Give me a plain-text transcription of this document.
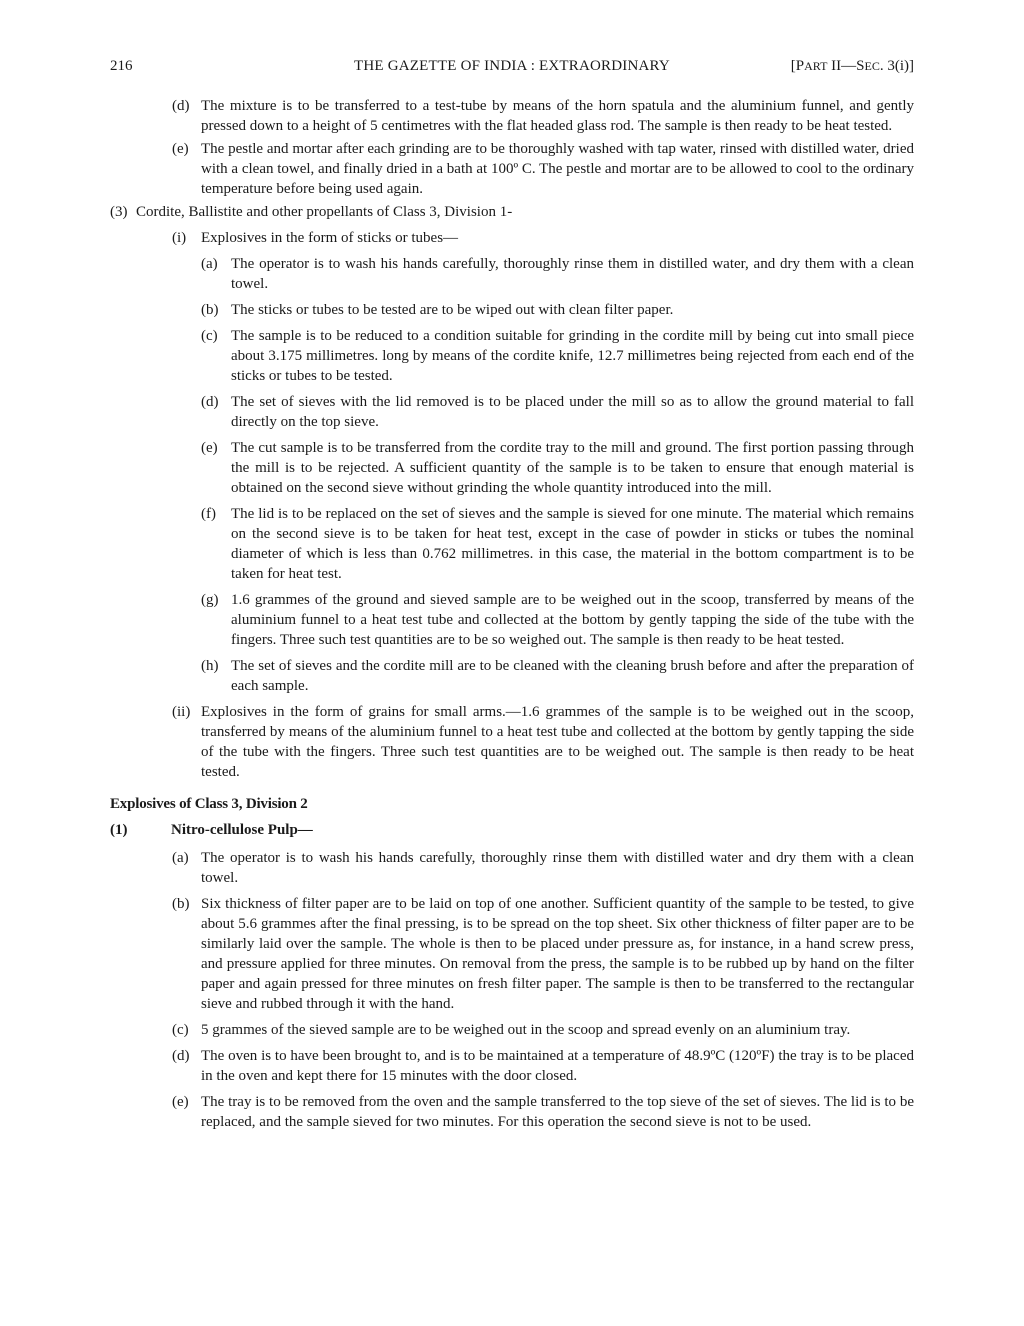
216	THE GAZETTE OF INDIA : EXTRAORDINARY	[PART II—SEC. 3(i)]
(d) The mixture is to be transferred to a test-tube by means of the horn spatula and the aluminium funnel, and gently pressed down to a height of 5 centimetres with the flat headed glass rod. The sample is then ready to be heat tested.
(e) The pestle and mortar after each grinding are to be thoroughly washed with tap water, rinsed with distilled water, dried with a clean towel, and finally dried in a bath at 100º C. The pestle and mortar are to be allowed to cool to the ordinary temperature before being used again.
(3) Cordite, Ballistite and other propellants of Class 3, Division 1-
(i) Explosives in the form of sticks or tubes—
(a) The operator is to wash his hands carefully, thoroughly rinse them in distilled water, and dry them with a clean towel.
(b) The sticks or tubes to be tested are to be wiped out with clean filter paper.
(c) The sample is to be reduced to a condition suitable for grinding in the cordite mill by being cut into small piece about 3.175 millimetres. long by means of the cordite knife, 12.7 millimetres being rejected from each end of the sticks or tubes to be tested.
(d) The set of sieves with the lid removed is to be placed under the mill so as to allow the ground material to fall directly on the top sieve.
(e) The cut sample is to be transferred from the cordite tray to the mill and ground. The first portion passing through the mill is to be rejected. A sufficient quantity of the sample is to be taken to ensure that enough material is obtained on the second sieve without grinding the whole quantity introduced into the mill.
(f) The lid is to be replaced on the set of sieves and the sample is sieved for one minute. The material which remains on the second sieve is to be taken for heat test, except in the case of powder in sticks or tubes the nominal diameter of which is less than 0.762 millimetres. in this case, the material in the bottom compartment is to be taken for heat test.
(g) 1.6 grammes of the ground and sieved sample are to be weighed out in the scoop, transferred by means of the aluminium funnel to a heat test tube and collected at the bottom by gently tapping the side of the tube with the fingers. Three such test quantities are to be so weighed out. The sample is then ready to be heat tested.
(h) The set of sieves and the cordite mill are to be cleaned with the cleaning brush before and after the preparation of each sample.
(ii) Explosives in the form of grains for small arms.—1.6 grammes of the sample is to be weighed out in the scoop, transferred by means of the aluminium funnel to a heat test tube and collected at the bottom by gently tapping the side of the tube with the fingers. Three such test quantities are to be weighed out. The sample is then ready to be heat tested.
Explosives of Class 3, Division 2
(1)	Nitro-cellulose Pulp—
(a) The operator is to wash his hands carefully, thoroughly rinse them with distilled water and dry them with a clean towel.
(b) Six thickness of filter paper are to be laid on top of one another. Sufficient quantity of the sample to be tested, to give about 5.6 grammes after the final pressing, is to be spread on the top sheet. Six other thickness of filter paper are to be similarly laid over the sample. The whole is then to be placed under pressure as, for instance, in a hand screw press, and pressure applied for three minutes. On removal from the press, the sample is to be rubbed up by hand on the filter paper and again pressed for three minutes on fresh filter paper. The sample is then to be transferred to the rectangular sieve and rubbed through it with the hand.
(c) 5 grammes of the sieved sample are to be weighed out in the scoop and spread evenly on an aluminium tray.
(d) The oven is to have been brought to, and is to be maintained at a temperature of 48.9ºC (120ºF) the tray is to be placed in the oven and kept there for 15 minutes with the door closed.
(e) The tray is to be removed from the oven and the sample transferred to the top sieve of the set of sieves. The lid is to be replaced, and the sample sieved for two minutes. For this operation the second sieve is not to be used.
